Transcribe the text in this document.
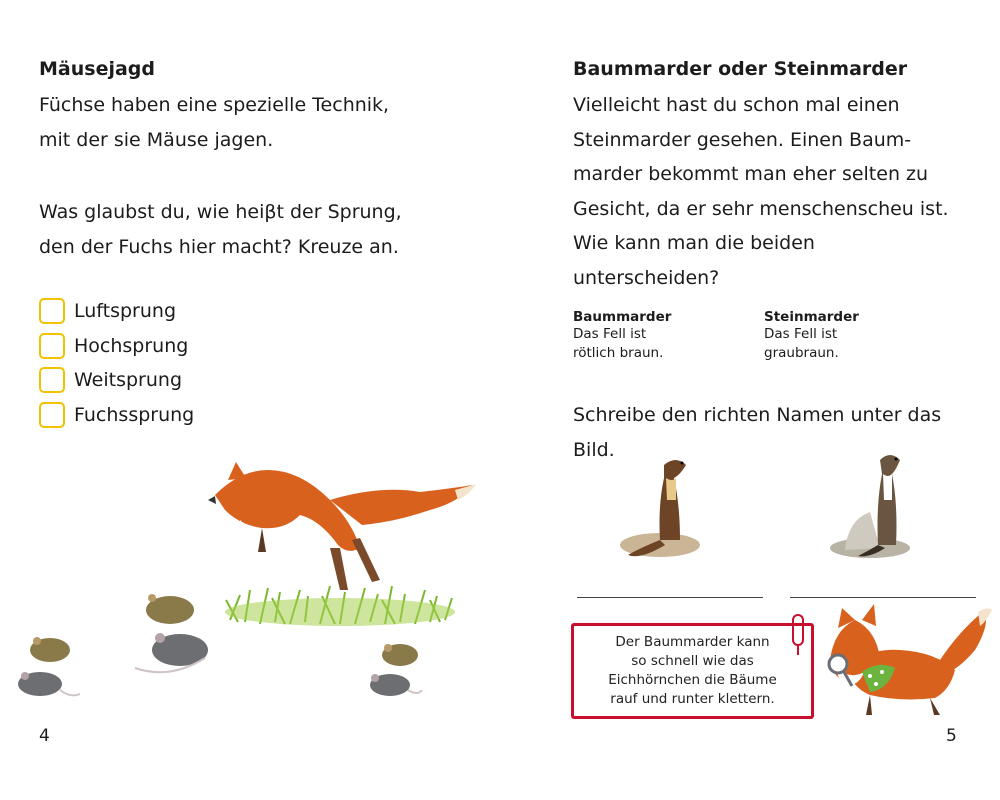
Mäusejagd
Füchse haben eine spezielle Technik,
mit der sie Mäuse jagen.
Was glaubst du, wie heiβt der Sprung,
den der Fuchs hier macht? Kreuze an.
Luftsprung
Hochsprung
Weitsprung
Fuchssprung
4
Baummarder oder Steinmarder
Vielleicht hast du schon mal einen
Steinmarder gesehen. Einen Baum-
marder bekommt man eher selten zu
Gesicht, da er sehr menschenscheu ist.
Wie kann man die beiden
unterscheiden?
Baummarder
Das Fell ist
rötlich braun.
Steinmarder
Das Fell ist
graubraun.
Schreibe den richten Namen unter das
Bild.
Der Baummarder kann
so schnell wie das
Eichhörnchen die Bäume
rauf und runter klettern.
5
